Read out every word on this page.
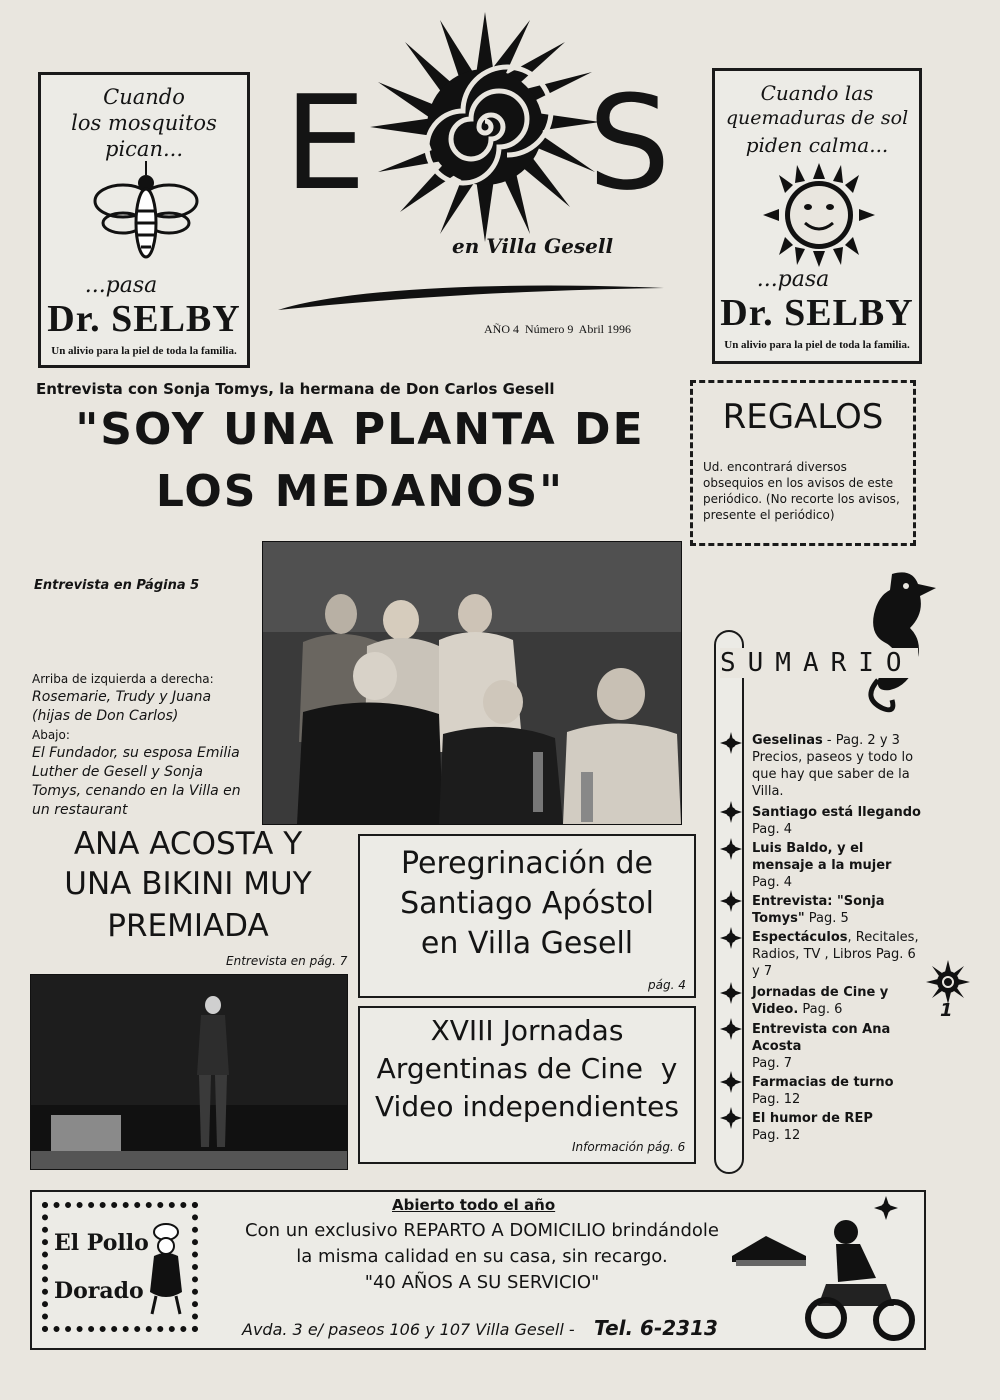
Cuando
los mosquitos
pican...
...pasa
Dr. SELBY
Un alivio para la piel de toda la familia.
E S
en Villa Gesell
AÑO 4  Número 9  Abril 1996
Cuando las
quemaduras de sol
piden calma...
...pasa
Dr. SELBY
Un alivio para la piel de toda la familia.
Entrevista con Sonja Tomys, la hermana de Don Carlos Gesell
"SOY UNA PLANTA DE
LOS MEDANOS"
Entrevista en Página 5
Arriba de izquierda a derecha:
Rosemarie, Trudy y Juana (hijas de Don Carlos)
Abajo:
El Fundador, su esposa Emilia Luther de Gesell y Sonja Tomys, cenando en la Villa en un restaurant
REGALOS
Ud. encontrará diversos obsequios en los avisos de este periódico. (No recorte los avisos, presente el periódico)
SUMARIO
Geselinas - Pag. 2 y 3 Precios, paseos y todo lo que hay que saber de la Villa.
Santiago está llegando
Pag. 4
Luis Baldo, y el mensaje a la mujer
Pag. 4
Entrevista: "Sonja Tomys" Pag. 5
Espectáculos, Recitales, Radios, TV , Libros Pag. 6 y 7
Jornadas de Cine y Video. Pag. 6
Entrevista con Ana Acosta
Pag. 7
Farmacias de turno
Pag. 12
El humor de REP
Pag. 12
1
ANA ACOSTA Y
UNA BIKINI MUY
PREMIADA
Entrevista en pág. 7
Peregrinación de
Santiago Apóstol
en Villa Gesell
pág. 4
XVIII Jornadas
Argentinas de Cine  y
Video independientes
Información pág. 6
El Pollo
Dorado
Abierto todo el año
Con un exclusivo REPARTO A DOMICILIO brindándole
la misma calidad en su casa, sin recargo.
"40 AÑOS A SU SERVICIO"
Avda. 3 e/ paseos 106 y 107 Villa Gesell - Tel. 6-2313
